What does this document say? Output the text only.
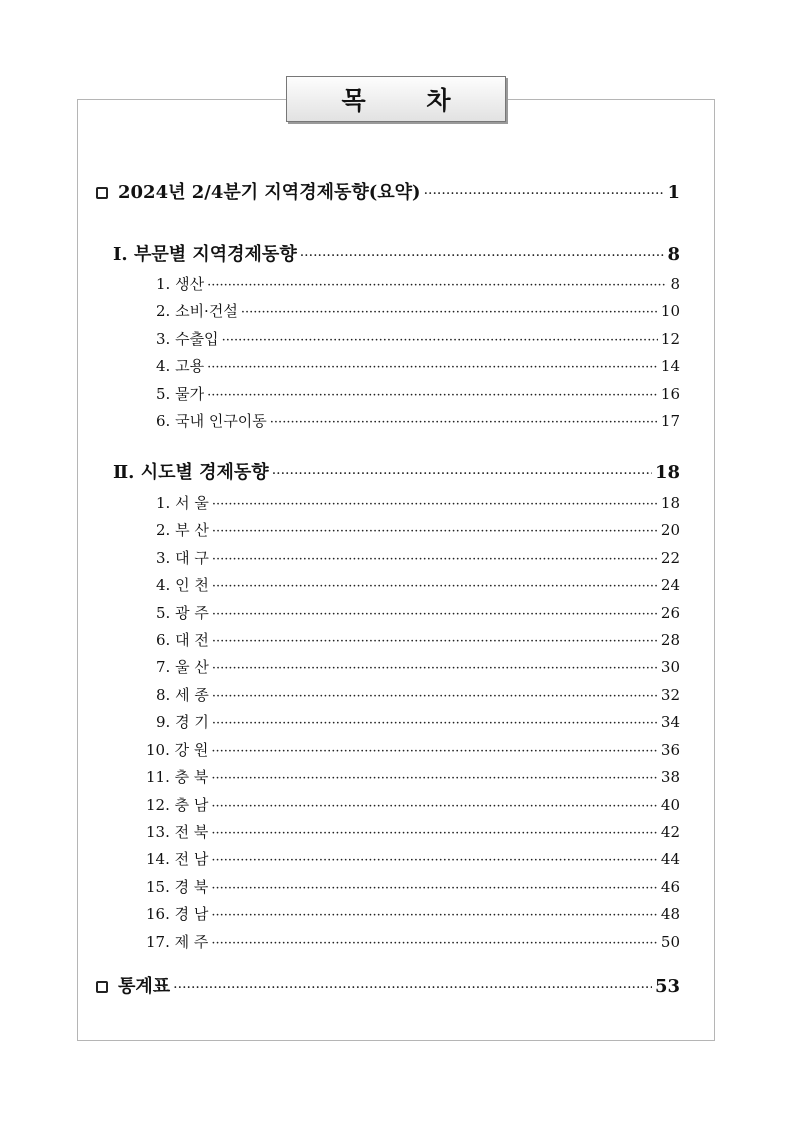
목 차
2024년 2/4분기 지역경제동향(요약) ·····	1
Ⅰ. 부문별 지역경제동향 ·····	8
1. 생산 ·····	8
2. 소비·건설 ·····	10
3. 수출입 ·····	12
4. 고용 ·····	14
5. 물가 ·····	16
6. 국내 인구이동 ·····	17
Ⅱ. 시도별 경제동향 ·····	18
1. 서 울 ·····	18
2. 부 산 ·····	20
3. 대 구 ·····	22
4. 인 천 ·····	24
5. 광 주 ·····	26
6. 대 전 ·····	28
7. 울 산 ·····	30
8. 세 종 ·····	32
9. 경 기 ·····	34
10. 강 원 ·····	36
11. 충 북 ·····	38
12. 충 남 ·····	40
13. 전 북 ·····	42
14. 전 남 ·····	44
15. 경 북 ·····	46
16. 경 남 ·····	48
17. 제 주 ·····	50
통계표 ·····	53
